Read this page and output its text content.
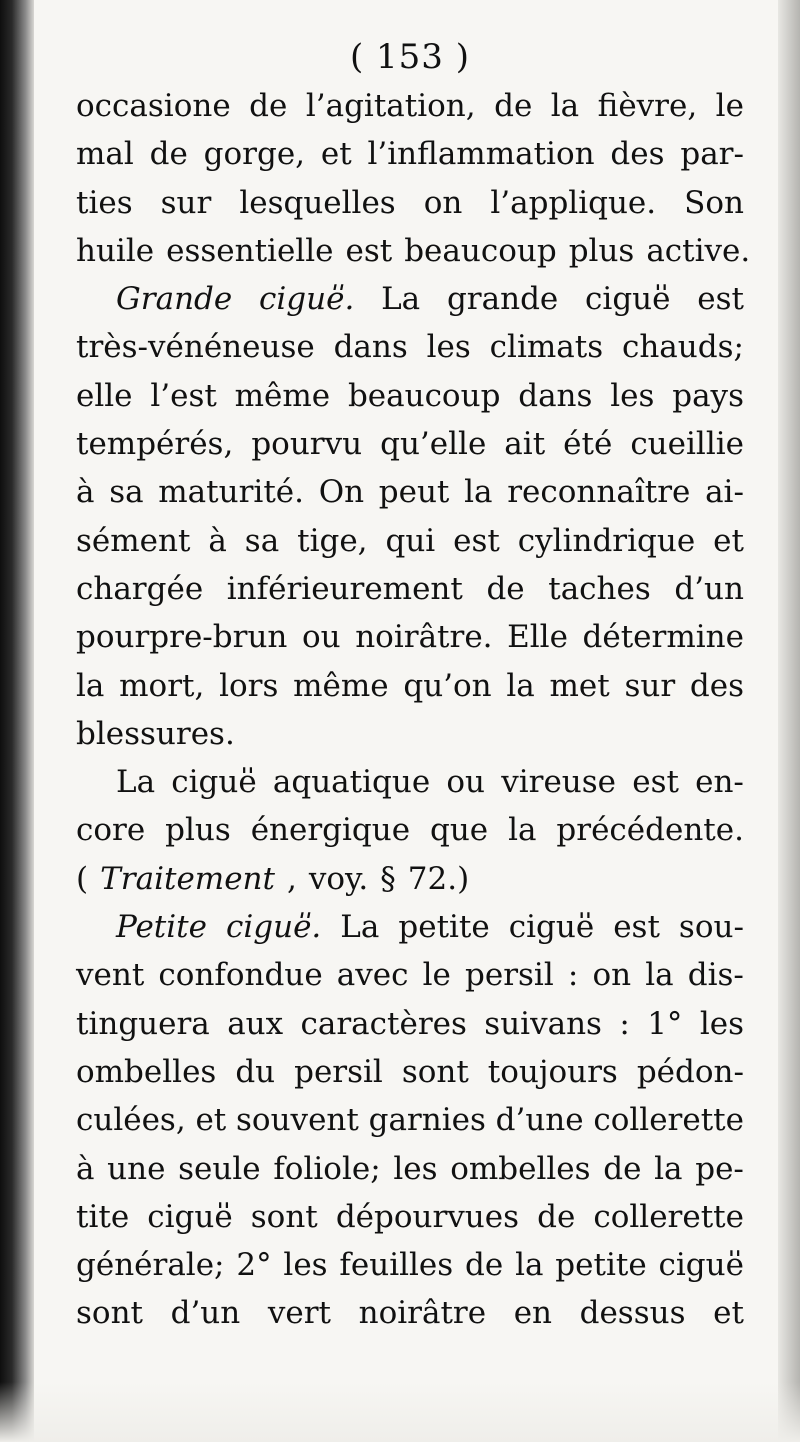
( 153 )
occasione de l’agitation, de la fièvre, le
mal de gorge, et l’inflammation des par-
ties sur lesquelles on l’applique. Son
huile essentielle est beaucoup plus active.
Grande cigue̎. La grande cigue̎ est
très-vénéneuse dans les climats chauds;
elle l’est même beaucoup dans les pays
tempérés, pourvu qu’elle ait été cueillie
à sa maturité. On peut la reconnaître ai-
sément à sa tige, qui est cylindrique et
chargée inférieurement de taches d’un
pourpre-brun ou noirâtre. Elle détermine
la mort, lors même qu’on la met sur des
blessures.
La cigue̎ aquatique ou vireuse est en-
core plus énergique que la précédente.
( Traitement , voy. § 72.)
Petite cigue̎. La petite cigue̎ est sou-
vent confondue avec le persil : on la dis-
tinguera aux caractères suivans : 1° les
ombelles du persil sont toujours pédon-
culées, et souvent garnies d’une collerette
à une seule foliole; les ombelles de la pe-
tite cigue̎ sont dépourvues de collerette
générale; 2° les feuilles de la petite cigue̎
sont d’un vert noirâtre en dessus et
